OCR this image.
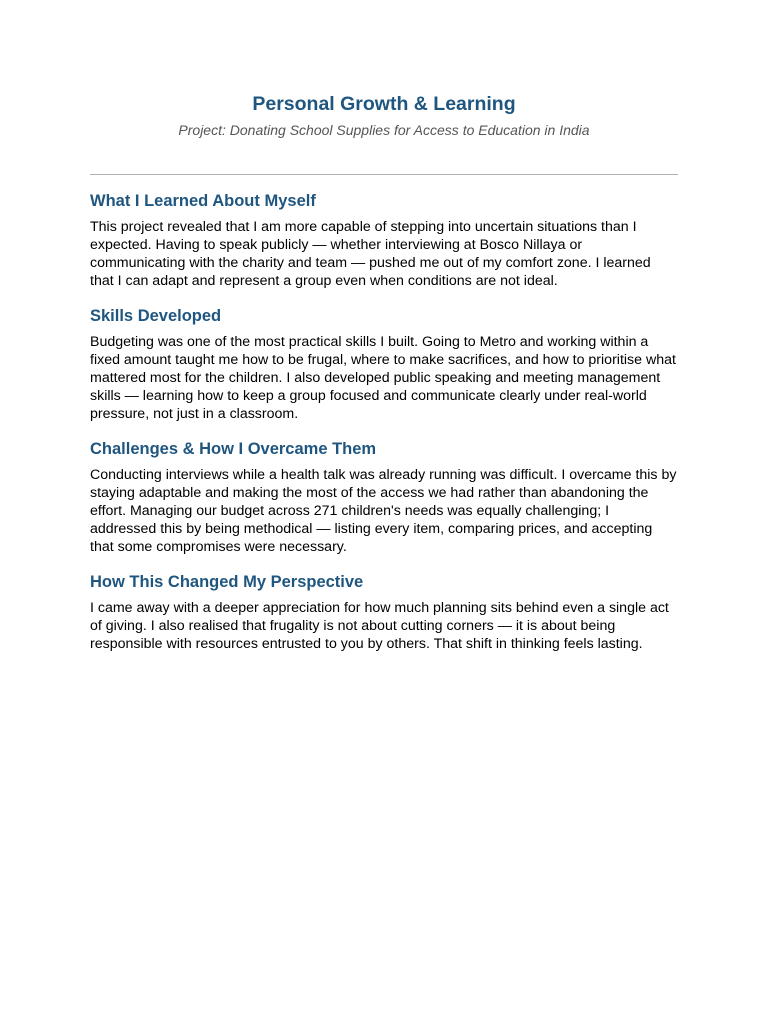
Personal Growth & Learning

Project: Donating School Supplies for Access to Education in India

What I Learned About Myself

This project revealed that I am more capable of stepping into uncertain situations than I expected. Having to speak publicly — whether interviewing at Bosco Nillaya or communicating with the charity and team — pushed me out of my comfort zone. I learned that I can adapt and represent a group even when conditions are not ideal.

Skills Developed

Budgeting was one of the most practical skills I built. Going to Metro and working within a fixed amount taught me how to be frugal, where to make sacrifices, and how to prioritise what mattered most for the children. I also developed public speaking and meeting management skills — learning how to keep a group focused and communicate clearly under real-world pressure, not just in a classroom.

Challenges & How I Overcame Them

Conducting interviews while a health talk was already running was difficult. I overcame this by staying adaptable and making the most of the access we had rather than abandoning the effort. Managing our budget across 271 children's needs was equally challenging; I addressed this by being methodical — listing every item, comparing prices, and accepting that some compromises were necessary.

How This Changed My Perspective

I came away with a deeper appreciation for how much planning sits behind even a single act of giving. I also realised that frugality is not about cutting corners — it is about being responsible with resources entrusted to you by others. That shift in thinking feels lasting.
